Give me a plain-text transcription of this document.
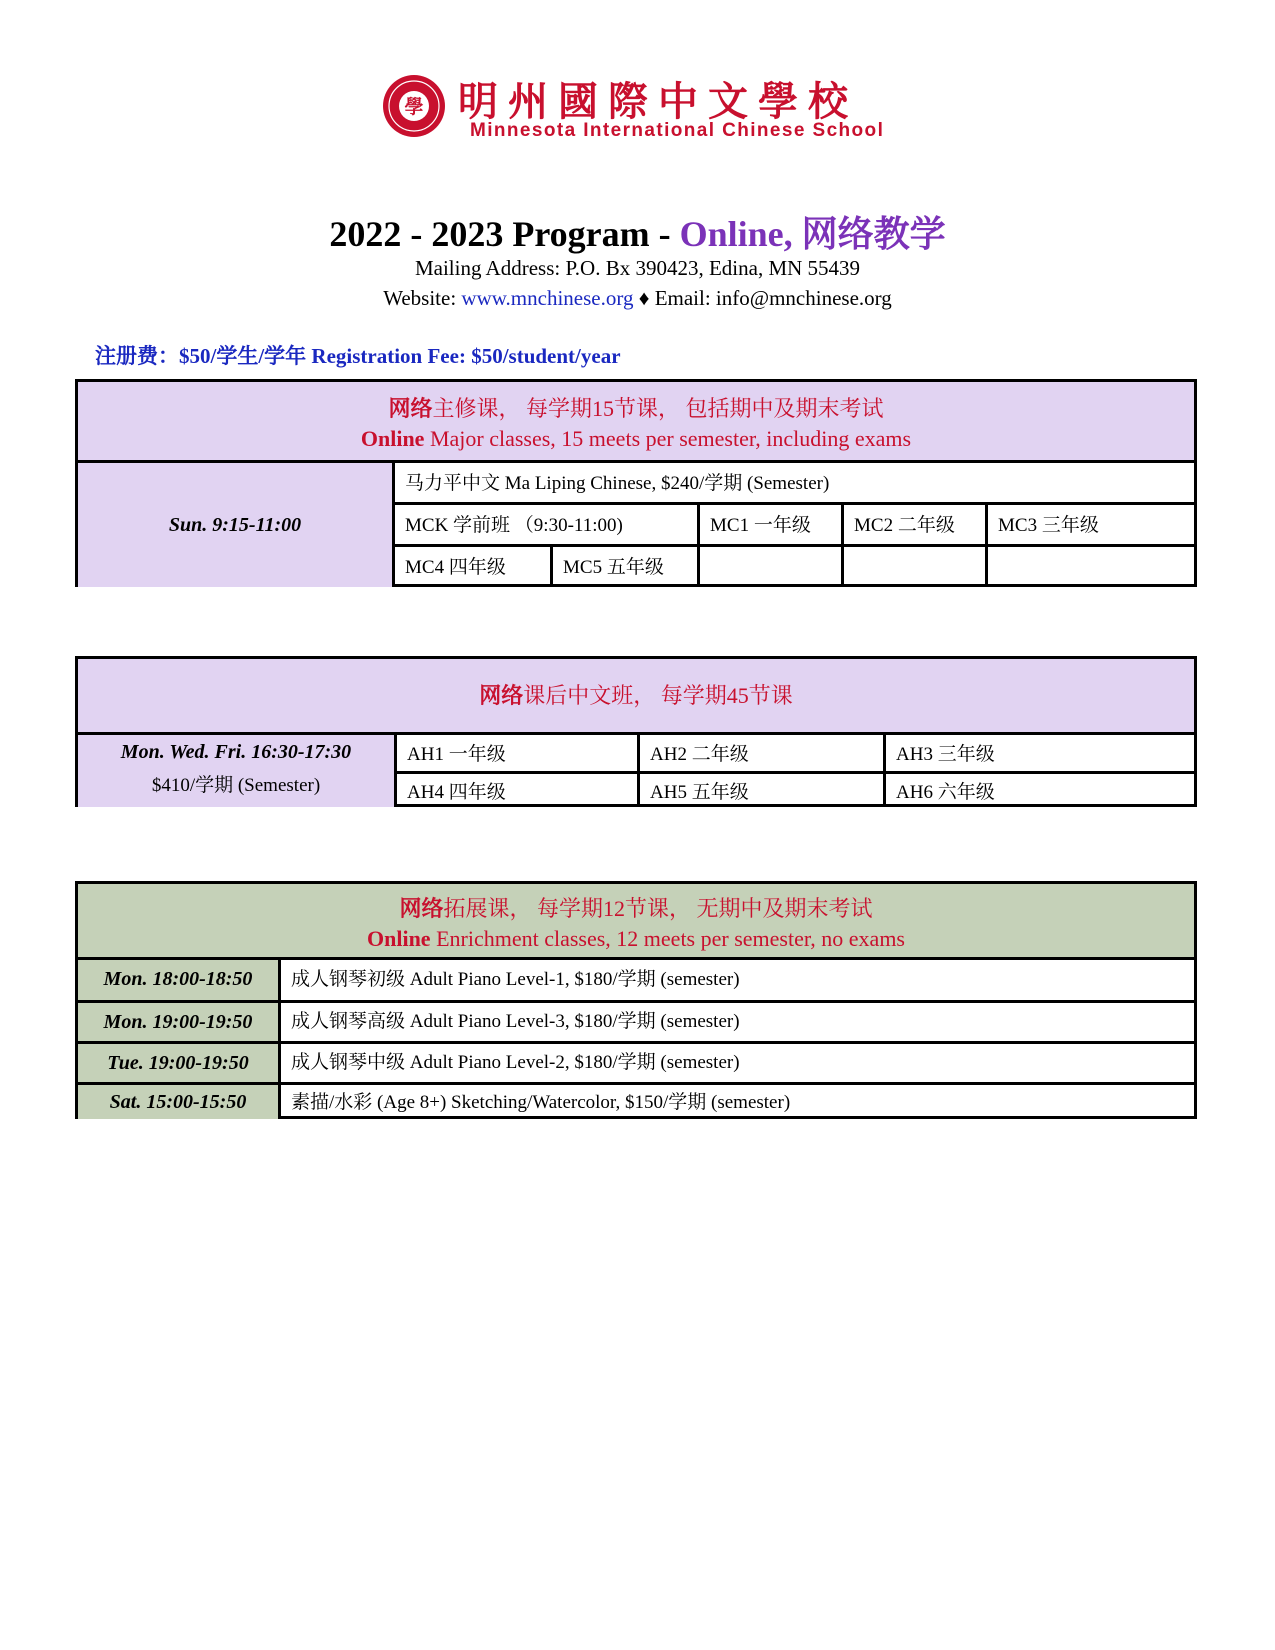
學 明州國際中文學校
Minnesota International Chinese School
2022 - 2023 Program - Online, 网络教学
Mailing Address: P.O. Bx 390423, Edina, MN 55439
Website: www.mnchinese.org ♦ Email: info@mnchinese.org
注册费：$50/学生/学年 Registration Fee: $50/student/year
网络主修课， 每学期15节课， 包括期中及期末考试
Online Major classes, 15 meets per semester, including exams
Sun. 9:15-11:00
马力平中文 Ma Liping Chinese, $240/学期 (Semester)
MCK 学前班 （9:30-11:00)	MC1 一年级	MC2 二年级	MC3 三年级
MC4 四年级	MC5 五年级
网络课后中文班， 每学期45节课
Mon. Wed. Fri. 16:30-17:30
$410/学期 (Semester)
AH1 一年级	AH2 二年级	AH3 三年级
AH4 四年级	AH5 五年级	AH6 六年级
网络拓展课， 每学期12节课， 无期中及期末考试
Online Enrichment classes, 12 meets per semester, no exams
Mon. 18:00-18:50	成人钢琴初级 Adult Piano Level-1, $180/学期 (semester)
Mon. 19:00-19:50	成人钢琴高级 Adult Piano Level-3, $180/学期 (semester)
Tue. 19:00-19:50	成人钢琴中级 Adult Piano Level-2, $180/学期 (semester)
Sat. 15:00-15:50	素描/水彩 (Age 8+) Sketching/Watercolor, $150/学期 (semester)
